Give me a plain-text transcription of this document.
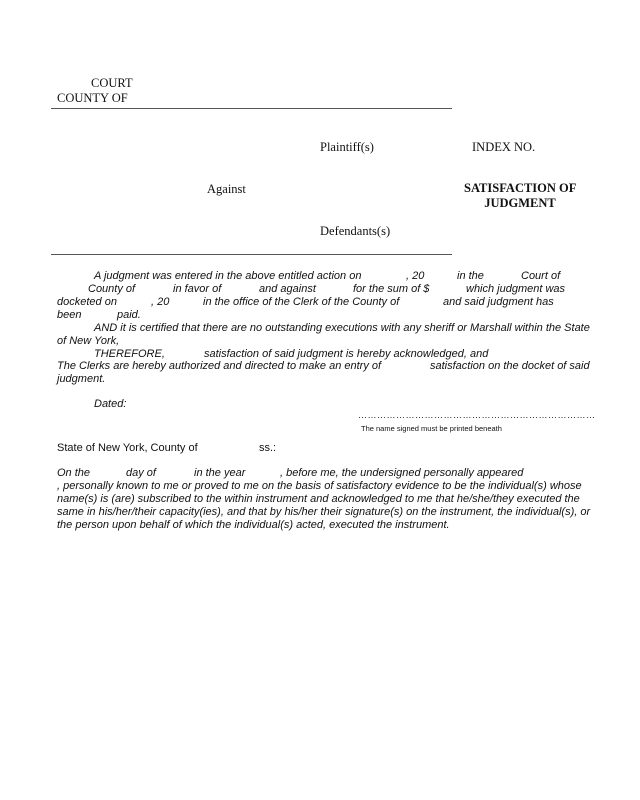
COURT
COUNTY OF
Plaintiff(s)	INDEX NO.
Against	SATISFACTION OF
JUDGMENT
Defendants(s)
A judgment was entered in the above entitled action on	, 20	in the	Court of
County of	in favor of	and against	for the sum of $	which judgment was
docketed on	, 20	in the office of the Clerk of the County of	and said judgment has
been	paid.
AND it is certified that there are no outstanding executions with any sheriff or Marshall within the State
of New York,
THEREFORE,	satisfaction of said judgment is hereby acknowledged, and
The Clerks are hereby authorized and directed to make an entry of	satisfaction on the docket of said
judgment.
Dated:
…………………………………………………………………
The name signed must be printed beneath
State of New York, County of	ss.:
On the	day of	in the year	, before me, the undersigned personally appeared
, personally known to me or proved to me on the basis of satisfactory evidence to be the individual(s) whose
name(s) is (are) subscribed to the within instrument and acknowledged to me that he/she/they executed the
same in his/her/their capacity(ies), and that by his/her their signature(s) on the instrument, the individual(s), or
the person upon behalf of which the individual(s) acted, executed the instrument.
